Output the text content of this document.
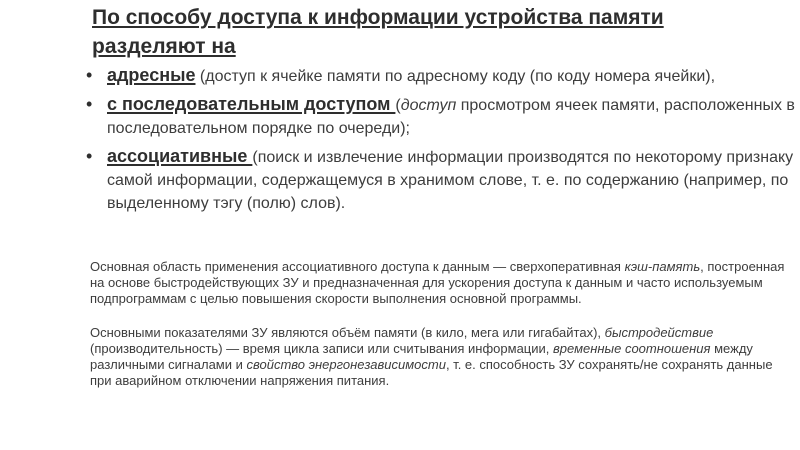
По способу доступа к информации устройства памяти разделяют на
• адресные (доступ к ячейке памяти по адресному коду (по коду номера ячейки),
• с последовательным доступом (доступ просмотром ячеек памяти, расположенных в последовательном порядке по очереди);
• ассоциативные (поиск и извлечение информации производятся по некоторому признаку самой информации, содержащемуся в хранимом слове, т. е. по содержанию (например, по выделенному тэгу (полю) слов).

Основная область применения ассоциативного доступа к данным — сверхоперативная кэш-память, построенная на основе быстродействующих ЗУ и предназначенная для ускорения доступа к данным и часто используемым подпрограммам с целью повышения скорости выполнения основной программы.

Основными показателями ЗУ являются объём памяти (в кило, мега или гигабайтах), быстродействие (производительность) — время цикла записи или считывания информации, временные соотношения между различными сигналами и свойство энергонезависимости, т. е. способность ЗУ сохранять/не сохранять данные при аварийном отключении напряжения питания.
